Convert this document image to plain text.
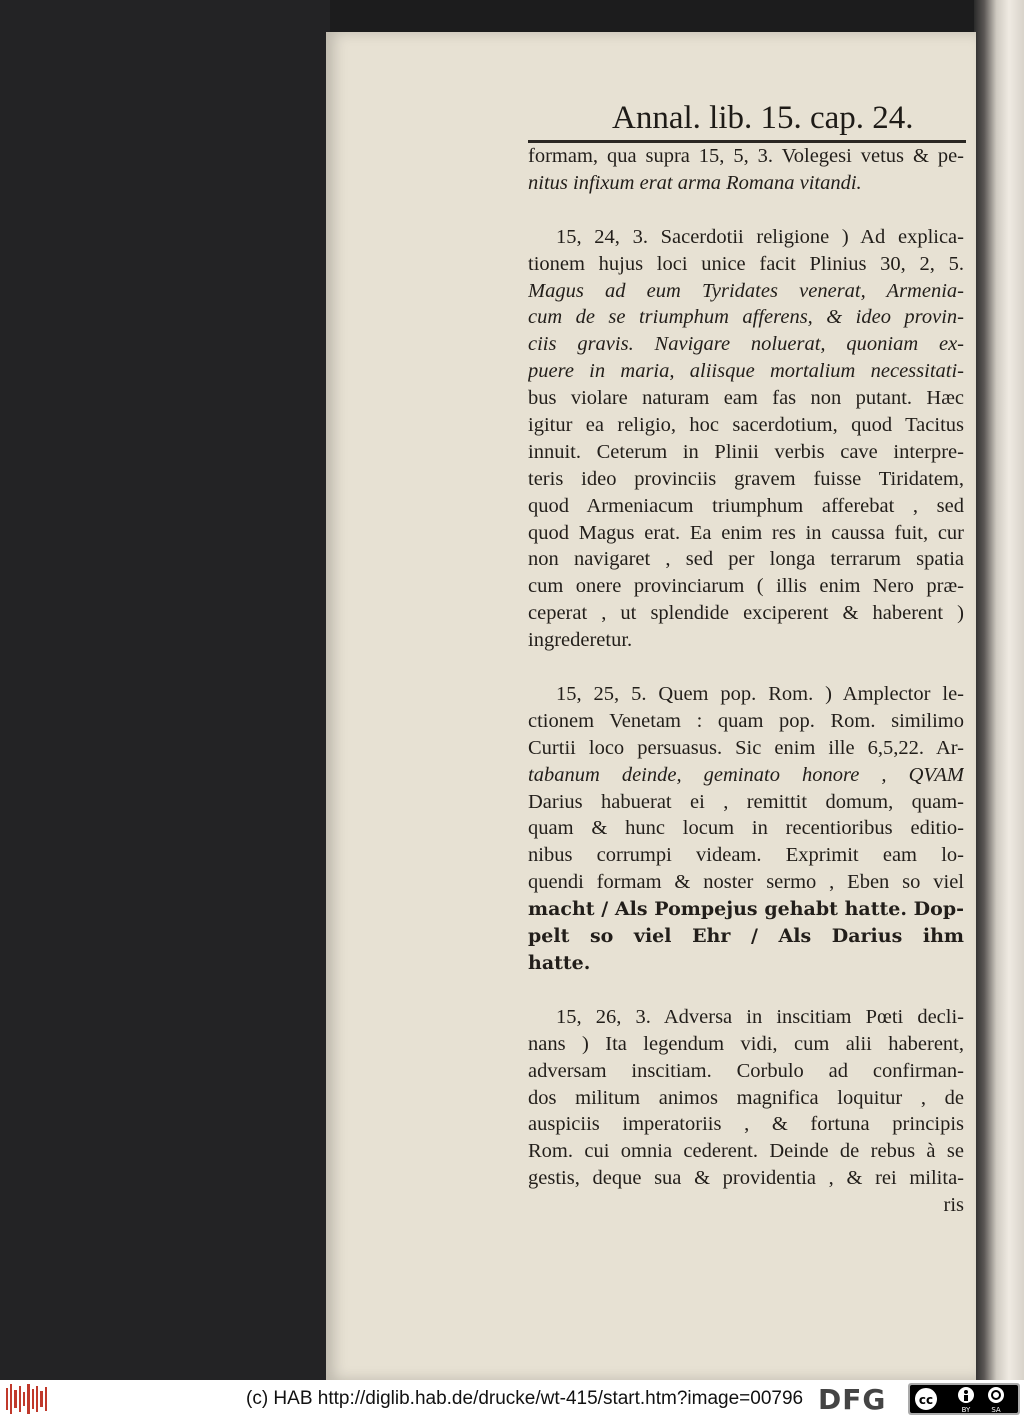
Annal. lib. 15. cap. 24.
formam, qua supra 15, 5, 3. Volegesi vetus & pe-
nitus infixum erat arma Romana vitandi.
15, 24, 3. Sacerdotii religione ) Ad explica-
tionem hujus loci unice facit Plinius 30, 2, 5.
Magus ad eum Tyridates venerat, Armenia-
cum de se triumphum afferens, & ideo provin-
ciis gravis. Navigare noluerat, quoniam ex-
puere in maria, aliisque mortalium necessitati-
bus violare naturam eam fas non putant. Hæc
igitur ea religio, hoc sacerdotium, quod Tacitus
innuit. Ceterum in Plinii verbis cave interpre-
teris ideo provinciis gravem fuisse Tiridatem,
quod Armeniacum triumphum afferebat , sed
quod Magus erat. Ea enim res in caussa fuit, cur
non navigaret , sed per longa terrarum spatia
cum onere provinciarum ( illis enim Nero præ-
ceperat , ut splendide exciperent & haberent )
ingrederetur.
15, 25, 5. Quem pop. Rom. ) Amplector le-
ctionem Venetam : quam pop. Rom. similimo
Curtii loco persuasus. Sic enim ille 6,5,22. Ar-
tabanum deinde, geminato honore , QVAM
Darius habuerat ei , remittit domum, quam-
quam & hunc locum in recentioribus editio-
nibus corrumpi videam. Exprimit eam lo-
quendi formam & noster sermo , Eben so viel
macht / Als Pompejus gehabt hatte. Dop-
pelt so viel Ehr / Als Darius ihm
hatte.
15, 26, 3. Adversa in inscitiam Pœti decli-
nans ) Ita legendum vidi, cum alii haberent,
adversam inscitiam. Corbulo ad confirman-
dos militum animos magnifica loquitur , de
auspiciis imperatoriis , & fortuna principis
Rom. cui omnia cederent. Deinde de rebus à se
gestis, deque sua & providentia , & rei milita-
ris
(c) HAB http://diglib.hab.de/drucke/wt-415/start.htm?image=00796 DFG	cc
BY	SA
